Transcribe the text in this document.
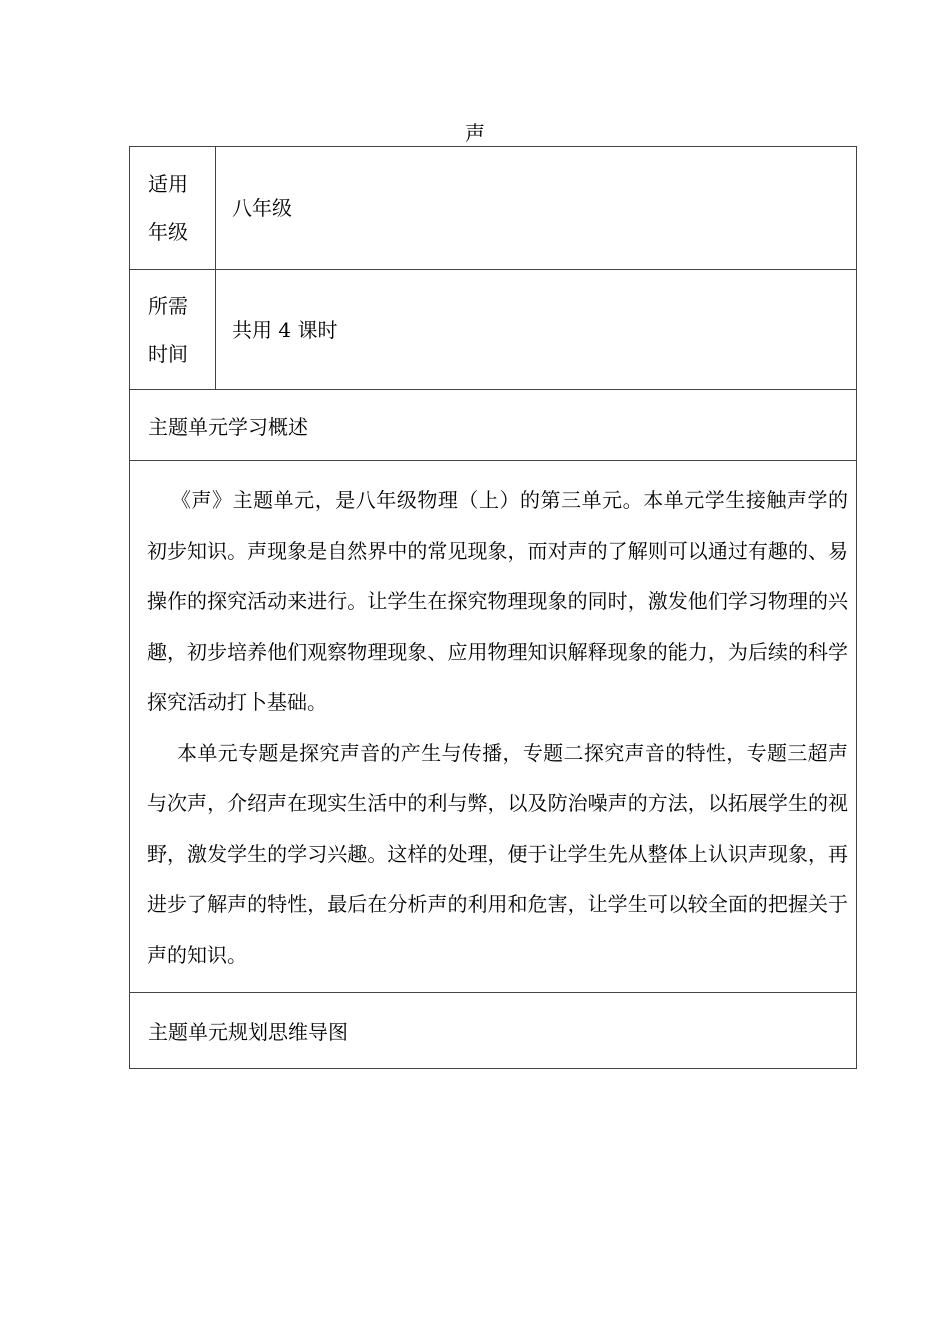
声
适用
年级	八年级

所需
时间	共用 4 课时
主题单元学习概述	

《声》主题单元，是八年级物理（上）的第三单元。本单元学生接触声学的初步知识。声现象是自然界中的常见现象，而对声的了解则可以通过有趣的、易操作的探究活动来进行。让学生在探究物理现象的同时，激发他们学习物理的兴趣，初步培养他们观察物理现象、应用物理知识解释现象的能力，为后续的科学探究活动打卜基础。

本单元专题是探究声音的产生与传播，专题二探究声音的特性，专题三超声与次声，介绍声在现实生活中的利与弊，以及防治噪声的方法，以拓展学生的视野，激发学生的学习兴趣。这样的处理，便于让学生先从整体上认识声现象，再进步了解声的特性，最后在分析声的利用和危害，让学生可以较全面的把握关于声的知识。	

主题单元规划思维导图	
